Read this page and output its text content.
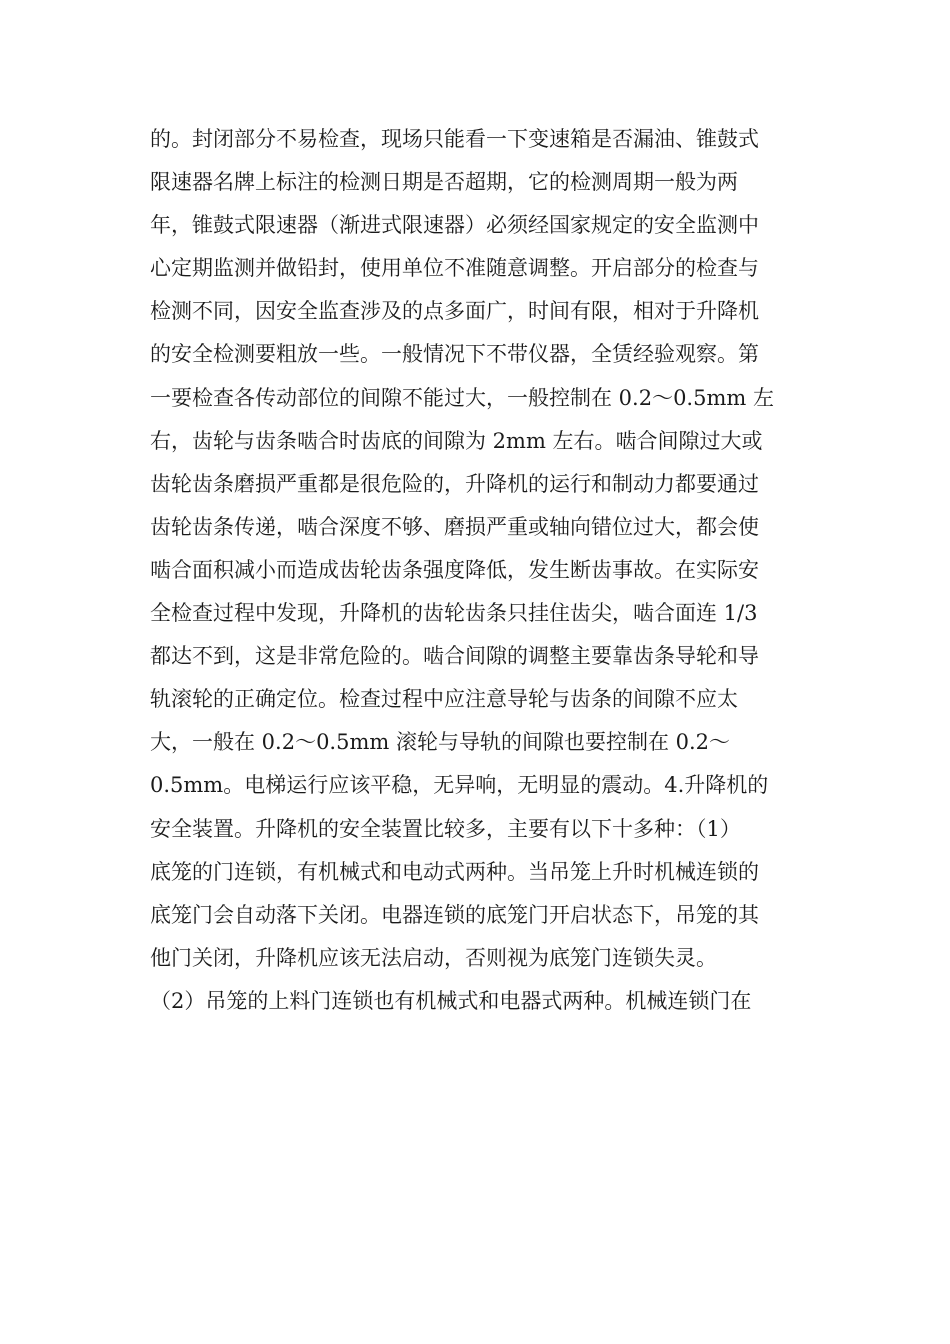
的。封闭部分不易检查，现场只能看一下变速箱是否漏油、锥鼓式
限速器名牌上标注的检测日期是否超期，它的检测周期一般为两
年，锥鼓式限速器（渐进式限速器）必须经国家规定的安全监测中
心定期监测并做铅封，使用单位不准随意调整。开启部分的检查与
检测不同，因安全监查涉及的点多面广，时间有限，相对于升降机
的安全检测要粗放一些。一般情况下不带仪器，全赁经验观察。第
一要检查各传动部位的间隙不能过大，一般控制在 0.2～0.5mm 左
右，齿轮与齿条啮合时齿底的间隙为 2mm 左右。啮合间隙过大或
齿轮齿条磨损严重都是很危险的，升降机的运行和制动力都要通过
齿轮齿条传递，啮合深度不够、磨损严重或轴向错位过大，都会使
啮合面积减小而造成齿轮齿条强度降低，发生断齿事故。在实际安
全检查过程中发现，升降机的齿轮齿条只挂住齿尖，啮合面连 1/3
都达不到，这是非常危险的。啮合间隙的调整主要靠齿条导轮和导
轨滚轮的正确定位。检查过程中应注意导轮与齿条的间隙不应太
大，一般在 0.2～0.5mm 滚轮与导轨的间隙也要控制在 0.2～
0.5mm。电梯运行应该平稳，无异响，无明显的震动。4.升降机的
安全装置。升降机的安全装置比较多，主要有以下十多种：（1）
底笼的门连锁，有机械式和电动式两种。当吊笼上升时机械连锁的
底笼门会自动落下关闭。电器连锁的底笼门开启状态下，吊笼的其
他门关闭，升降机应该无法启动，否则视为底笼门连锁失灵。
（2）吊笼的上料门连锁也有机械式和电器式两种。机械连锁门在
